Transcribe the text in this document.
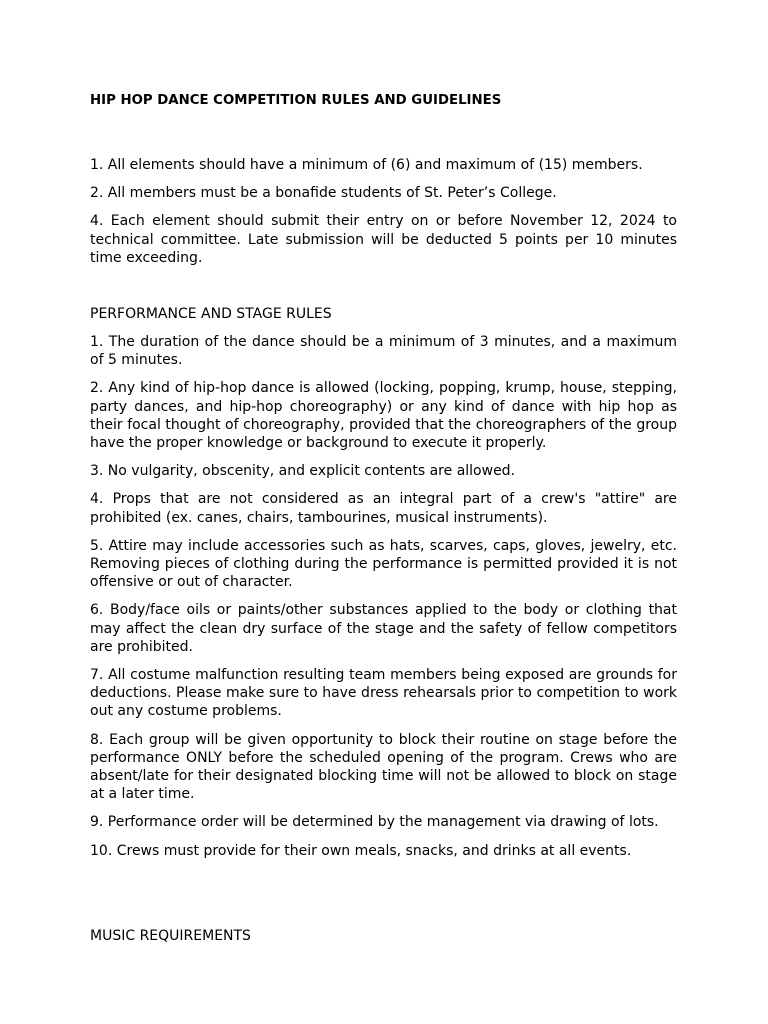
HIP HOP DANCE COMPETITION RULES AND GUIDELINES

1. All elements should have a minimum of (6) and maximum of (15) members.

2. All members must be a bonafide students of St. Peter’s College.

4. Each element should submit their entry on or before November 12, 2024 to technical committee. Late submission will be deducted 5 points per 10 minutes time exceeding.

PERFORMANCE AND STAGE RULES

1. The duration of the dance should be a minimum of 3 minutes, and a maximum of 5 minutes.

2. Any kind of hip-hop dance is allowed (locking, popping, krump, house, stepping, party dances, and hip-hop choreography) or any kind of dance with hip hop as their focal thought of choreography, provided that the choreographers of the group have the proper knowledge or background to execute it properly.

3. No vulgarity, obscenity, and explicit contents are allowed.

4. Props that are not considered as an integral part of a crew's "attire" are prohibited (ex. canes, chairs, tambourines, musical instruments).

5. Attire may include accessories such as hats, scarves, caps, gloves, jewelry, etc. Removing pieces of clothing during the performance is permitted provided it is not offensive or out of character.

6. Body/face oils or paints/other substances applied to the body or clothing that may affect the clean dry surface of the stage and the safety of fellow competitors are prohibited.

7. All costume malfunction resulting team members being exposed are grounds for deductions. Please make sure to have dress rehearsals prior to competition to work out any costume problems.

8. Each group will be given opportunity to block their routine on stage before the performance ONLY before the scheduled opening of the program. Crews who are absent/late for their designated blocking time will not be allowed to block on stage at a later time.

9. Performance order will be determined by the management via drawing of lots.

10. Crews must provide for their own meals, snacks, and drinks at all events.

MUSIC REQUIREMENTS
